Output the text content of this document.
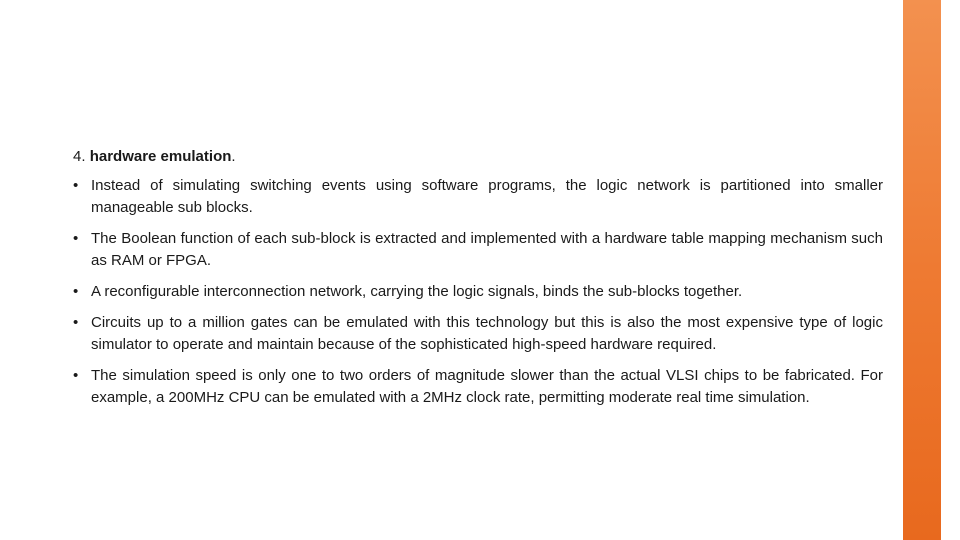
4. hardware emulation.
• Instead of simulating switching events using software programs, the logic network is partitioned into smaller manageable sub blocks.
• The Boolean function of each sub-block is extracted and implemented with a hardware table mapping mechanism such as RAM or FPGA.
• A reconfigurable interconnection network, carrying the logic signals, binds the sub-blocks together.
• Circuits up to a million gates can be emulated with this technology but this is also the most expensive type of logic simulator to operate and maintain because of the sophisticated high-speed hardware required.
• The simulation speed is only one to two orders of magnitude slower than the actual VLSI chips to be fabricated. For example, a 200MHz CPU can be emulated with a 2MHz clock rate, permitting moderate real time simulation.
